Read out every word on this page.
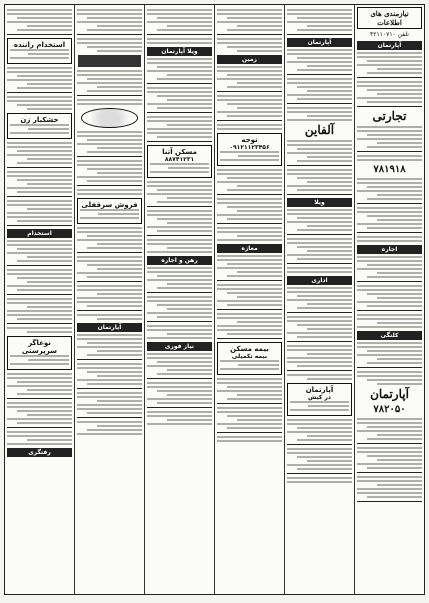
نیازمندی های اطلاعات
تلفن ۴۲۱۱۰۷۱۰
آپارتمان
تجارتی
۷۸۱۹۱۸
اجاره
کلنگی
آپارتمان
۷۸۲۰۵۰
آپارتمان
آلفاین
ویلا
اداری
آپارتمان
در کیش
زمین
توجه
۰۹۱۲۱۱۲۳۴۵۶
مغازه
بیمه مسکن
بیمه تکمیلی
ویلا آپارتمان
مسکن آتنا
۸۸۷۴۱۲۳۱
رهن و اجاره
نیاز فوری
فروش سرقفلی
آپارتمان
استخدام راننده
خشکبار زن
استخدام
نوعاگر سرپرستی
رفتگری
